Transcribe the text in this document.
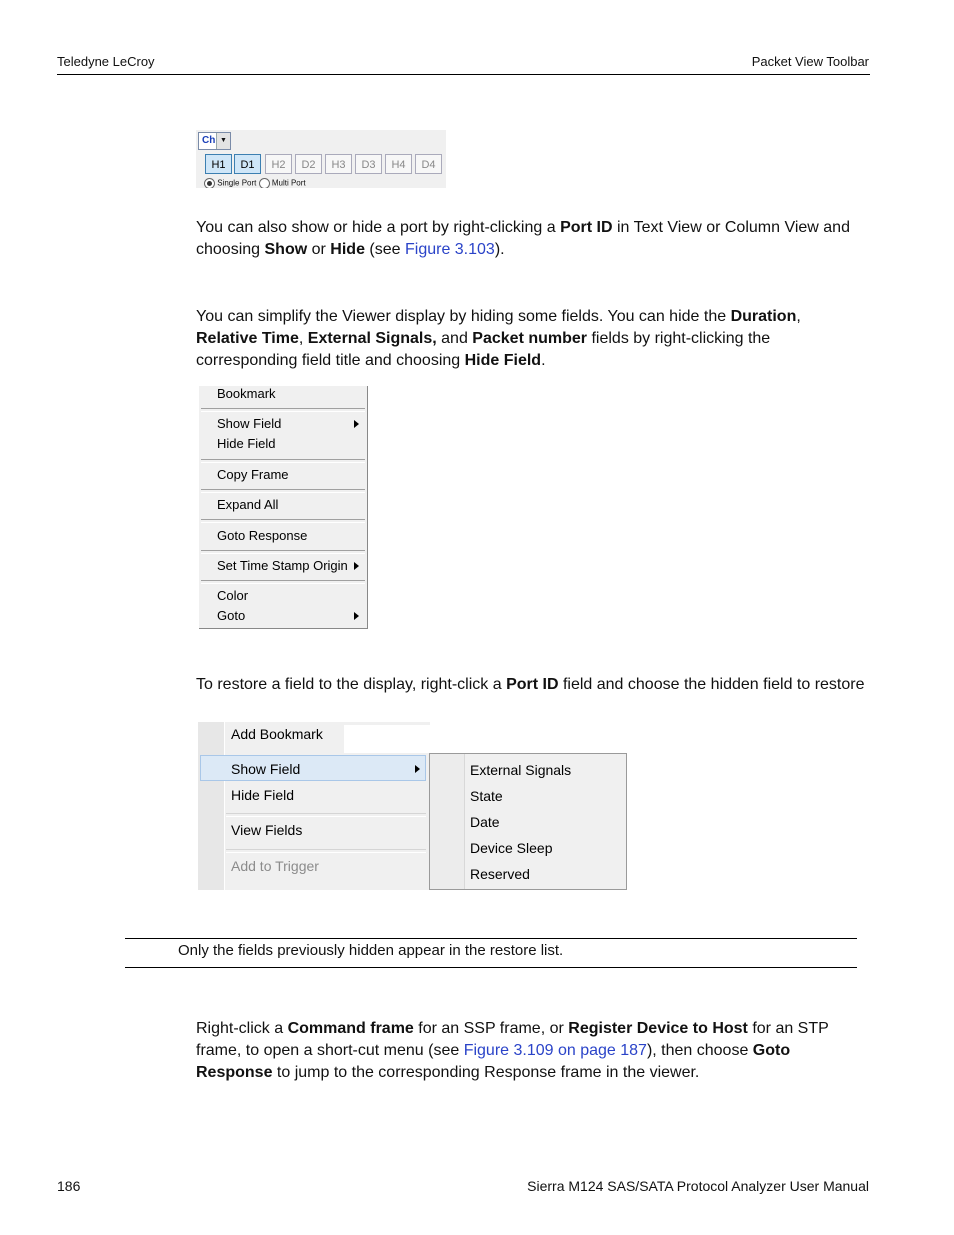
Teledyne LeCroy	Packet View Toolbar
Ch ▼
H1	D1	H2	D2	H3	D3	H4	D4
Single Port Multi Port
You can also show or hide a port by right-clicking a Port ID in Text View or Column View and choosing Show or Hide (see Figure 3.103).
You can simplify the Viewer display by hiding some fields. You can hide the Duration, Relative Time, External Signals, and Packet number fields by right-clicking the corresponding field title and choosing Hide Field.
Bookmark
Show Field
Hide Field
Copy Frame
Expand All
Goto Response
Set Time Stamp Origin
Color
Goto
To restore a field to the display, right-click a Port ID field and choose the hidden field to restore
Add Bookmark
Show Field
Hide Field
View Fields
Add to Trigger
External Signals
State
Date
Device Sleep
Reserved
Only the fields previously hidden appear in the restore list.
Right-click a Command frame for an SSP frame, or Register Device to Host for an STP frame, to open a short-cut menu (see Figure 3.109 on page 187), then choose Goto Response to jump to the corresponding Response frame in the viewer.
186	Sierra M124 SAS/SATA Protocol Analyzer User Manual
